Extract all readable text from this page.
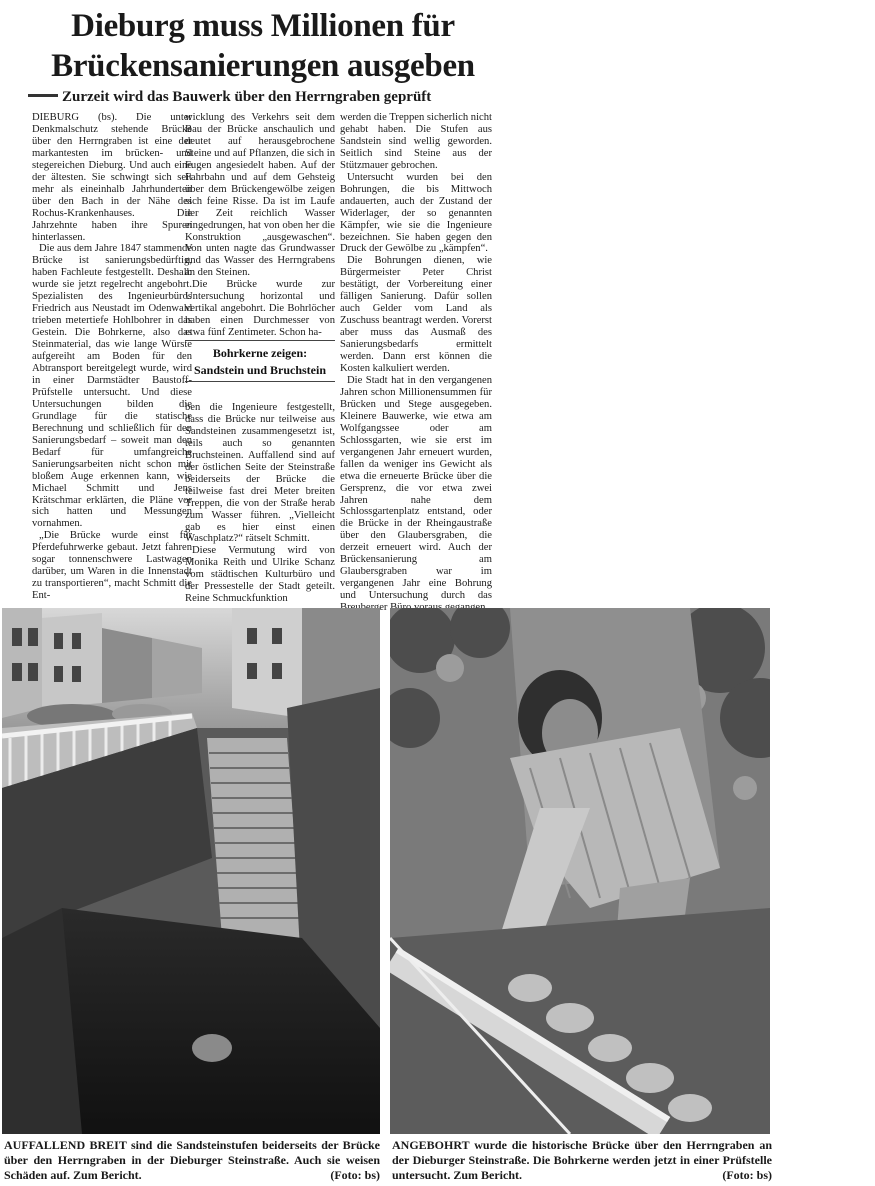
Dieburg muss Millionen für
Brückensanierungen ausgeben
Zurzeit wird das Bauwerk über den Herrngraben geprüft

DIEBURG (bs). Die unter Denkmalschutz stehende Brücke über den Herrngraben ist eine der markantesten im brücken- und stegereichen Dieburg. Und auch eine der ältesten. Sie schwingt sich seit mehr als eineinhalb Jahrhunderten über den Bach in der Nähe des Rochus-Krankenhauses. Die Jahrzehnte haben ihre Spuren hinterlassen.

Die aus dem Jahre 1847 stammende Brücke ist sanierungsbedürftig, haben Fachleute festgestellt. Deshalb wurde sie jetzt regelrecht angebohrt. Spezialisten des Ingenieurbüros Friedrich aus Neustadt im Odenwald trieben metertiefe Hohlbohrer in das Gestein. Die Bohrkerne, also das Steinmaterial, das wie lange Würste aufgereiht am Boden für den Abtransport bereitgelegt wurde, wird in einer Darmstädter Baustoff-Prüfstelle untersucht. Und diese Untersuchungen bilden die Grundlage für die statische Berechnung und schließlich für den Sanierungsbedarf – soweit man den Bedarf für umfangreiche Sanierungsarbeiten nicht schon mit bloßem Auge erkennen kann, wie Michael Schmitt und Jens Krätschmar erklärten, die Pläne vor sich hatten und Messungen vornahmen.

„Die Brücke wurde einst für Pferdefuhrwerke gebaut. Jetzt fahren sogar tonnenschwere Lastwagen darüber, um Waren in die Innenstadt zu transportieren“, macht Schmitt die Ent-

wicklung des Verkehrs seit dem Bau der Brücke anschaulich und deutet auf herausgebrochene Steine und auf Pflanzen, die sich in Fugen angesiedelt haben. Auf der Fahrbahn und auf dem Gehsteig über dem Brückengewölbe zeigen sich feine Risse. Da ist im Laufe der Zeit reichlich Wasser eingedrungen, hat von oben her die Konstruktion „ausgewaschen“. Von unten nagte das Grundwasser und das Wasser des Herrngrabens an den Steinen.

Die Brücke wurde zur Untersuchung horizontal und vertikal angebohrt. Die Bohrlöcher haben einen Durchmesser von etwa fünf Zentimeter. Schon ha-

ben die Ingenieure festgestellt, dass die Brücke nur teilweise aus Sandsteinen zusammengesetzt ist, teils auch so genannten Bruchsteinen. Auffallend sind auf der östlichen Seite der Steinstraße beiderseits der Brücke die teilweise fast drei Meter breiten Treppen, die von der Straße herab zum Wasser führen. „Vielleicht gab es hier einst einen Waschplatz?“ rätselt Schmitt.

Diese Vermutung wird von Monika Reith und Ulrike Schanz vom städtischen Kulturbüro und der Pressestelle der Stadt geteilt. Reine Schmuckfunktion

Bohrkerne zeigen:
Sandstein und Bruchstein

werden die Treppen sicherlich nicht gehabt haben. Die Stufen aus Sandstein sind wellig geworden. Seitlich sind Steine aus der Stützmauer gebrochen.

Untersucht wurden bei den Bohrungen, die bis Mittwoch andauerten, auch der Zustand der Widerlager, der so genannten Kämpfer, wie sie die Ingenieure bezeichnen. Sie haben gegen den Druck der Gewölbe zu „kämpfen“.

Die Bohrungen dienen, wie Bürgermeister Peter Christ bestätigt, der Vorbereitung einer fälligen Sanierung. Dafür sollen auch Gelder vom Land als Zuschuss beantragt werden. Vorerst aber muss das Ausmaß des Sanierungsbedarfs ermittelt werden. Dann erst können die Kosten kalkuliert werden.

Die Stadt hat in den vergangenen Jahren schon Millionensummen für Brücken und Stege ausgegeben. Kleinere Bauwerke, wie etwa am Wolfgangssee oder am Schlossgarten, wie sie erst im vergangenen Jahr erneuert wurden, fallen da weniger ins Gewicht als etwa die erneuerte Brücke über die Gersprenz, die vor etwa zwei Jahren nahe dem Schlossgartenplatz entstand, oder die Brücke in der Rheingaustraße über den Glaubersgraben, die derzeit erneuert wird. Auch der Brückensanierung am Glaubersgraben war im vergangenen Jahr eine Bohrung und Untersuchung durch das

AUFFALLEND BREIT sind die Sandsteinstufen beiderseits der Brücke über den Herrngraben in der Dieburger Steinstraße. Auch sie weisen Schäden auf. Zum Bericht.	(Foto: bs)
ANGEBOHRT wurde die historische Brücke über den Herrngraben an der Dieburger Steinstraße. Die Bohrkerne werden jetzt in einer Prüfstelle untersucht. Zum Bericht.	(Foto: bs)
